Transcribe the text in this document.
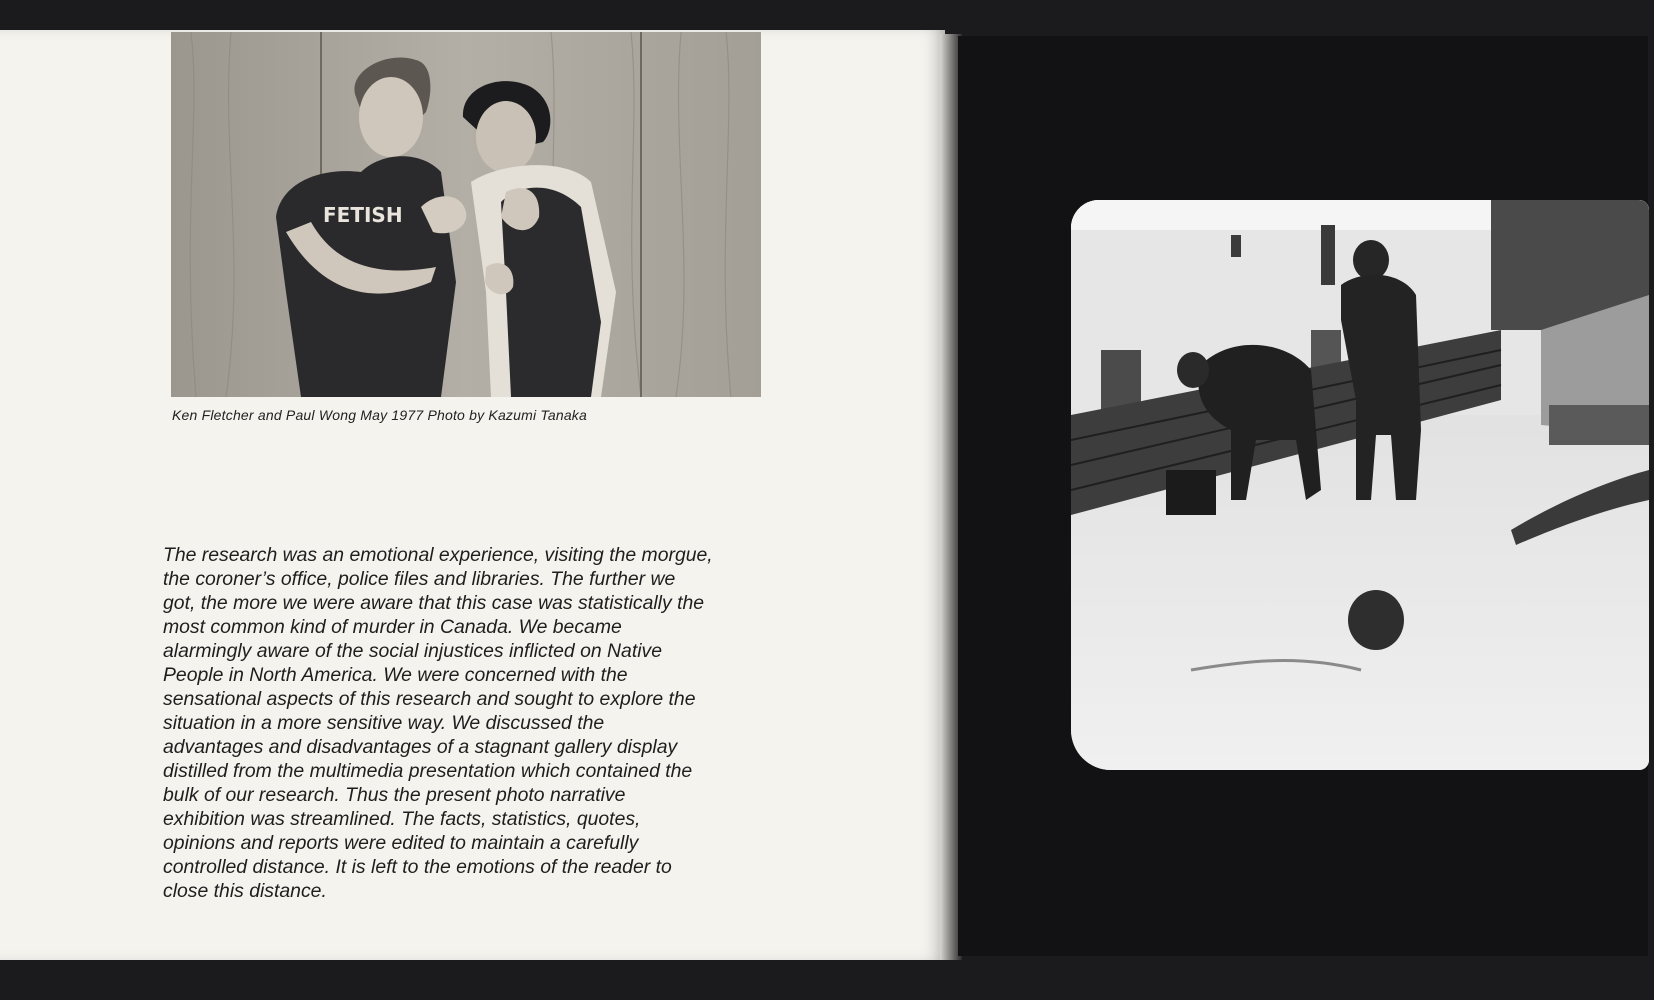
FETISH

Ken Fletcher and Paul Wong May 1977 Photo by Kazumi Tanaka

The research was an emotional experience, visiting the morgue,
the coroner’s office, police files and libraries. The further we
got, the more we were aware that this case was statistically the
most common kind of murder in Canada. We became
alarmingly aware of the social injustices inflicted on Native
People in North America. We were concerned with the
sensational aspects of this research and sought to explore the
situation in a more sensitive way. We discussed the
advantages and disadvantages of a stagnant gallery display
distilled from the multimedia presentation which contained the
bulk of our research. Thus the present photo narrative
exhibition was streamlined. The facts, statistics, quotes,
opinions and reports were edited to maintain a carefully
controlled distance. It is left to the emotions of the reader to
close this distance.
